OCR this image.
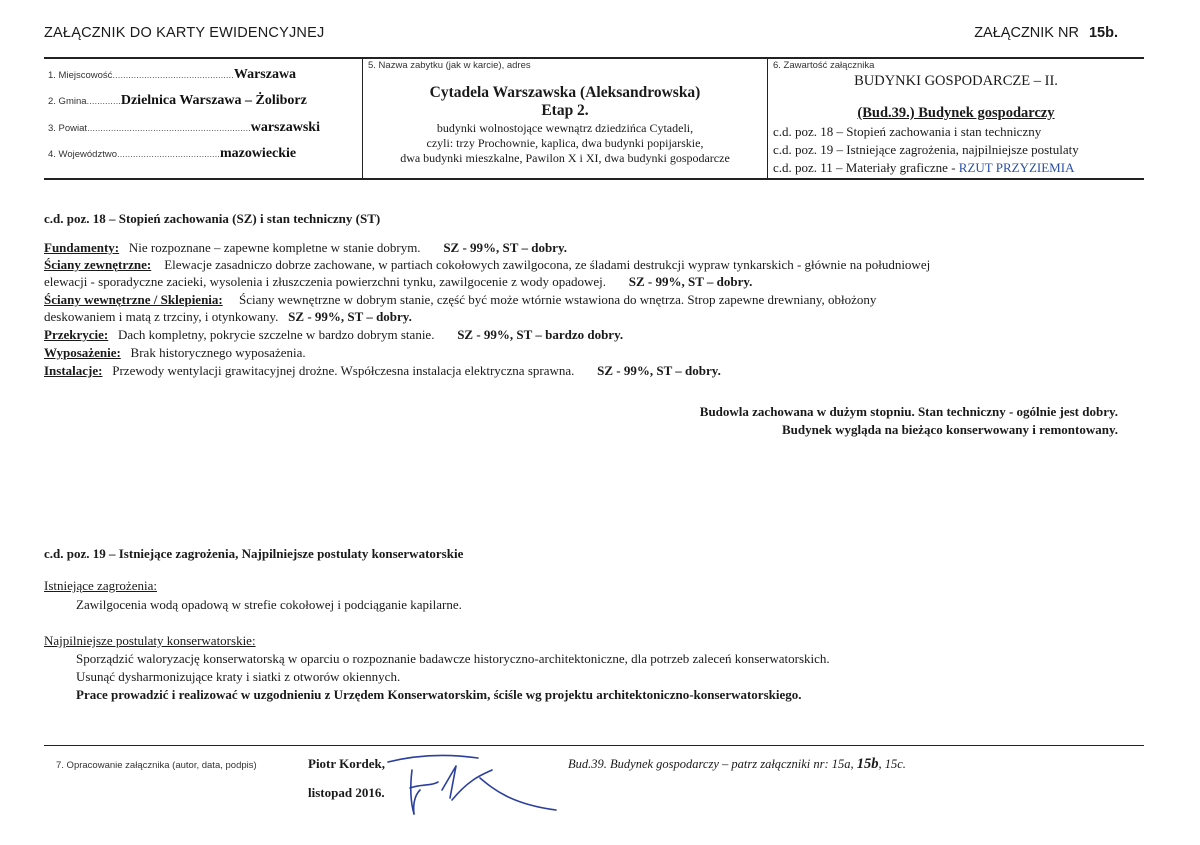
ZAŁĄCZNIK DO KARTY EWIDENCYJNEJ	ZAŁĄCZNIK NR 15b.
1. Miejscowość..............................................Warszawa
2. Gmina.............Dzielnica Warszawa – Żoliborz
3. Powiat..............................................................warszawski
4. Województwo.......................................mazowieckie
5. Nazwa zabytku (jak w karcie), adres
Cytadela Warszawska (Aleksandrowska)
Etap 2.
budynki wolnostojące wewnątrz dziedzińca Cytadeli,
czyli: trzy Prochownie, kaplica, dwa budynki popijarskie,
dwa budynki mieszkalne, Pawilon X i XI, dwa budynki gospodarcze
6. Zawartość załącznika
BUDYNKI GOSPODARCZE – II.
(Bud.39.) Budynek gospodarczy
c.d. poz. 18 – Stopień zachowania i stan techniczny
c.d. poz. 19 – Istniejące zagrożenia, najpilniejsze postulaty
c.d. poz. 11 – Materiały graficzne - RZUT PRZYZIEMIA
c.d. poz. 18 – Stopień zachowania (SZ) i stan techniczny (ST)
Fundamenty: Nie rozpoznane – zapewne kompletne w stanie dobrym. SZ - 99%, ST – dobry.
Ściany zewnętrzne: Elewacje zasadniczo dobrze zachowane, w partiach cokołowych zawilgocona, ze śladami destrukcji wypraw tynkarskich - głównie na południowej
elewacji - sporadyczne zacieki, wysolenia i złuszczenia powierzchni tynku, zawilgocenie z wody opadowej. SZ - 99%, ST – dobry.
Ściany wewnętrzne / Sklepienia: Ściany wewnętrzne w dobrym stanie, część być może wtórnie wstawiona do wnętrza. Strop zapewne drewniany, obłożony
deskowaniem i matą z trzciny, i otynkowany. SZ - 99%, ST – dobry.
Przekrycie: Dach kompletny, pokrycie szczelne w bardzo dobrym stanie. SZ - 99%, ST – bardzo dobry.
Wyposażenie: Brak historycznego wyposażenia.
Instalacje: Przewody wentylacji grawitacyjnej drożne. Współczesna instalacja elektryczna sprawna. SZ - 99%, ST – dobry.
Budowla zachowana w dużym stopniu. Stan techniczny - ogólnie jest dobry.
Budynek wygląda na bieżąco konserwowany i remontowany.
c.d. poz. 19 – Istniejące zagrożenia, Najpilniejsze postulaty konserwatorskie
Istniejące zagrożenia:
Zawilgocenia wodą opadową w strefie cokołowej i podciąganie kapilarne.
Najpilniejsze postulaty konserwatorskie:
Sporządzić waloryzację konserwatorską w oparciu o rozpoznanie badawcze historyczno-architektoniczne, dla potrzeb zaleceń konserwatorskich.
Usunąć dysharmonizujące kraty i siatki z otworów okiennych.
Prace prowadzić i realizować w uzgodnieniu z Urzędem Konserwatorskim, ściśle wg projektu architektoniczno-konserwatorskiego.
7. Opracowanie załącznika (autor, data, podpis)	Piotr Kordek,
listopad 2016.
Bud.39. Budynek gospodarczy – patrz załączniki nr: 15a, 15b, 15c.
